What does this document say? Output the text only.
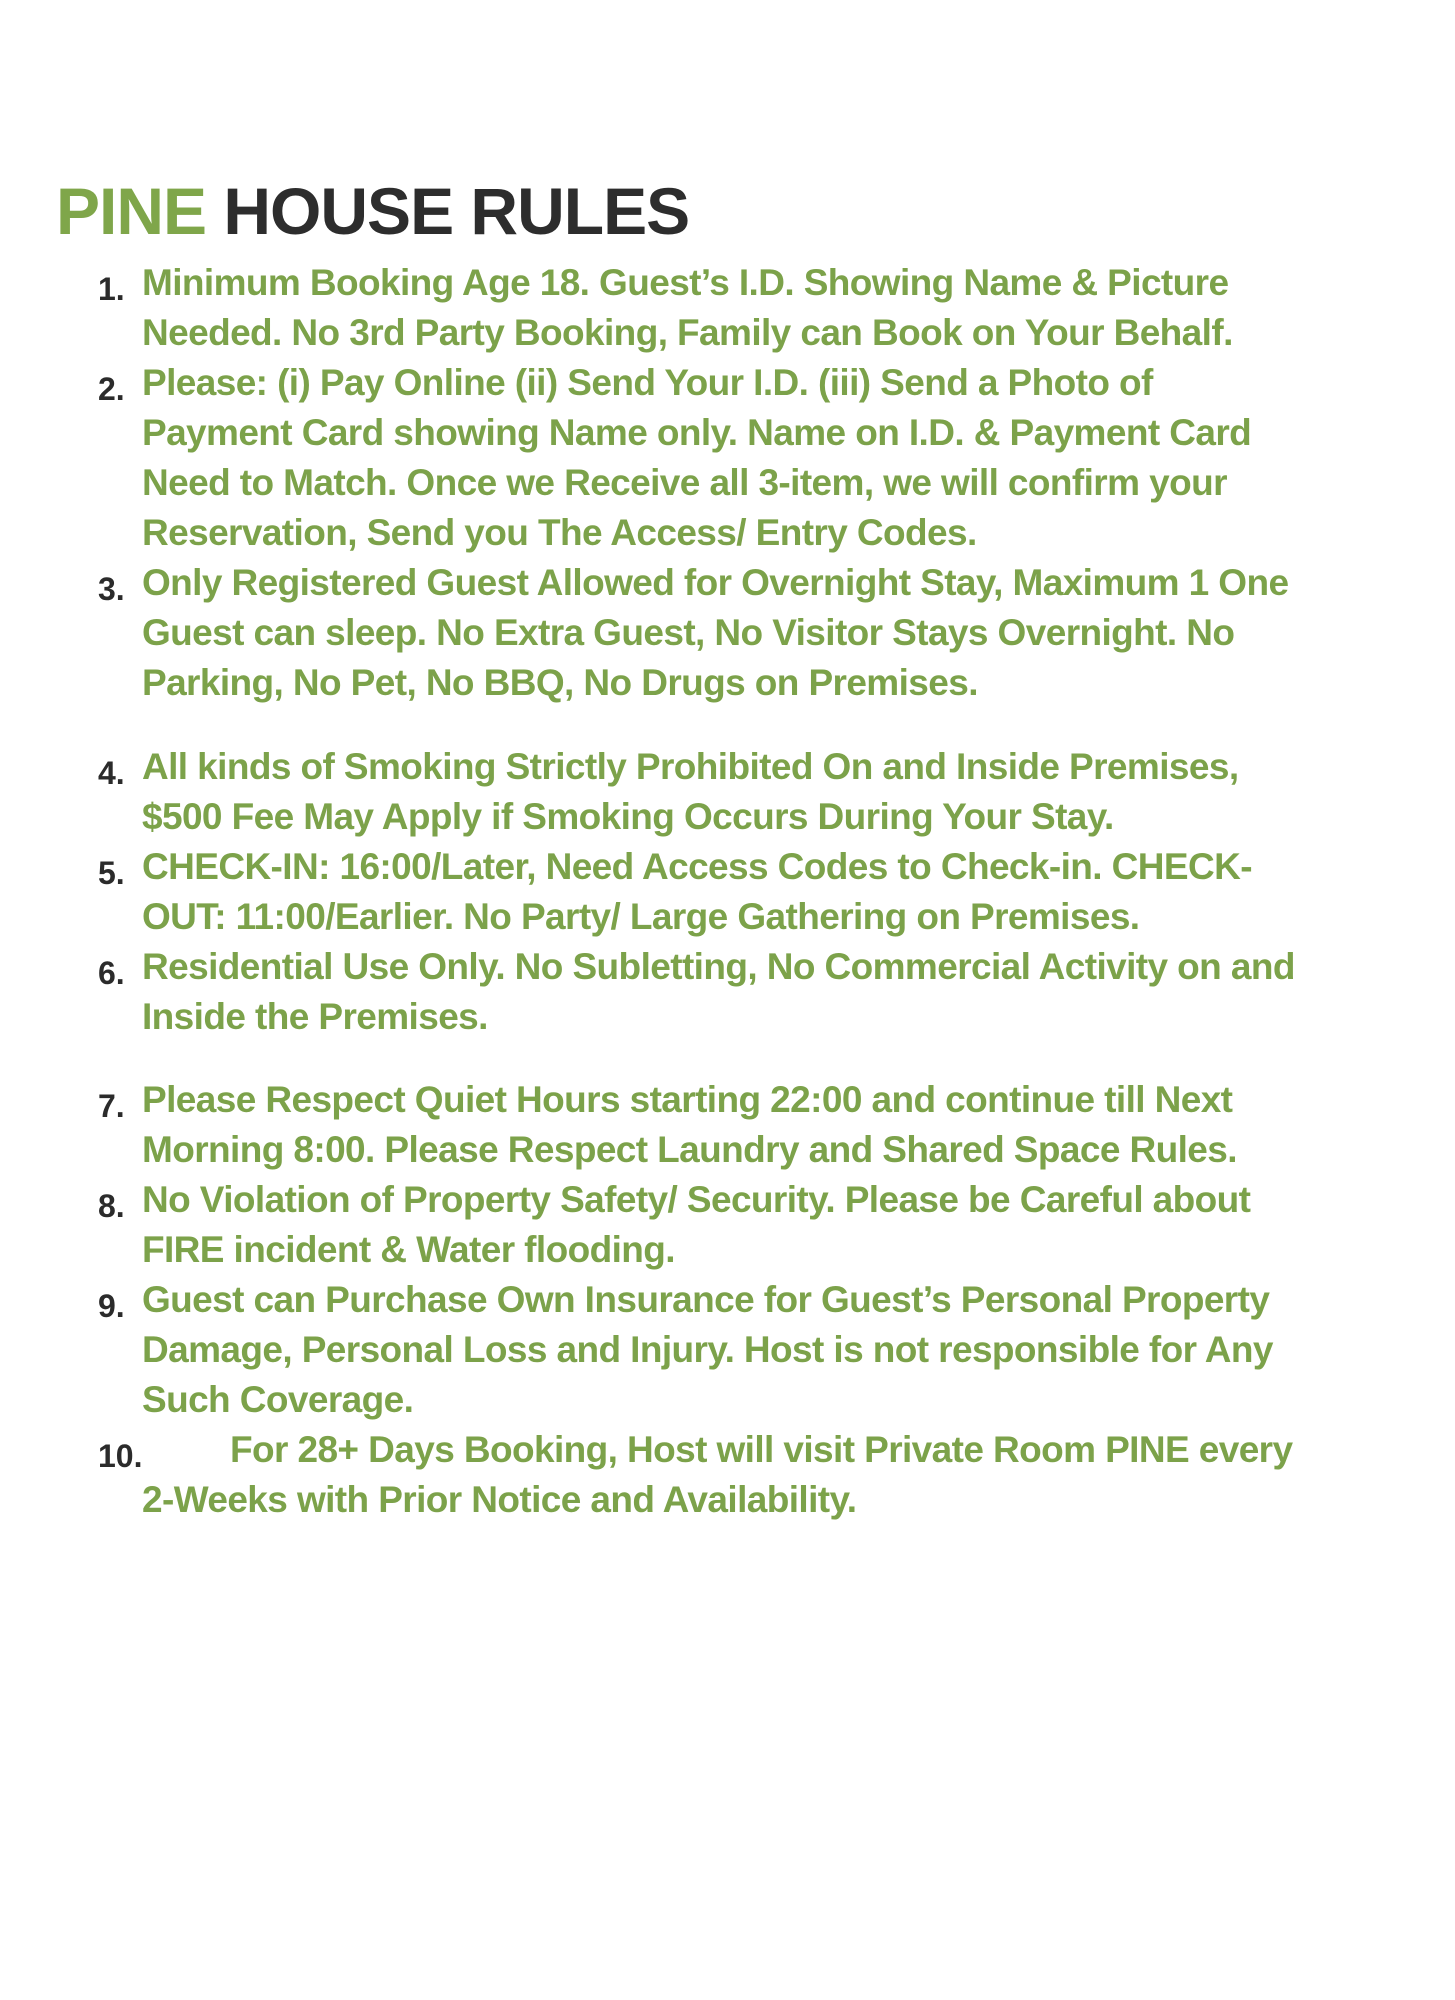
PINE HOUSE RULES
1. Minimum Booking Age 18. Guest’s I.D. Showing Name & Picture
Needed. No 3rd Party Booking, Family can Book on Your Behalf.
2. Please: (i) Pay Online (ii) Send Your I.D. (iii) Send a Photo of
Payment Card showing Name only. Name on I.D. & Payment Card
Need to Match. Once we Receive all 3-item, we will confirm your
Reservation, Send you The Access/ Entry Codes.
3. Only Registered Guest Allowed for Overnight Stay, Maximum 1 One
Guest can sleep. No Extra Guest, No Visitor Stays Overnight. No
Parking, No Pet, No BBQ, No Drugs on Premises.
4. All kinds of Smoking Strictly Prohibited On and Inside Premises,
$500 Fee May Apply if Smoking Occurs During Your Stay.
5. CHECK-IN: 16:00/Later, Need Access Codes to Check-in. CHECK-
OUT: 11:00/Earlier. No Party/ Large Gathering on Premises.
6. Residential Use Only. No Subletting, No Commercial Activity on and
Inside the Premises.
7. Please Respect Quiet Hours starting 22:00 and continue till Next
Morning 8:00. Please Respect Laundry and Shared Space Rules.
8. No Violation of Property Safety/ Security. Please be Careful about
FIRE incident & Water flooding.
9. Guest can Purchase Own Insurance for Guest’s Personal Property
Damage, Personal Loss and Injury. Host is not responsible for Any
Such Coverage.
10. For 28+ Days Booking, Host will visit Private Room PINE every
2-Weeks with Prior Notice and Availability.
